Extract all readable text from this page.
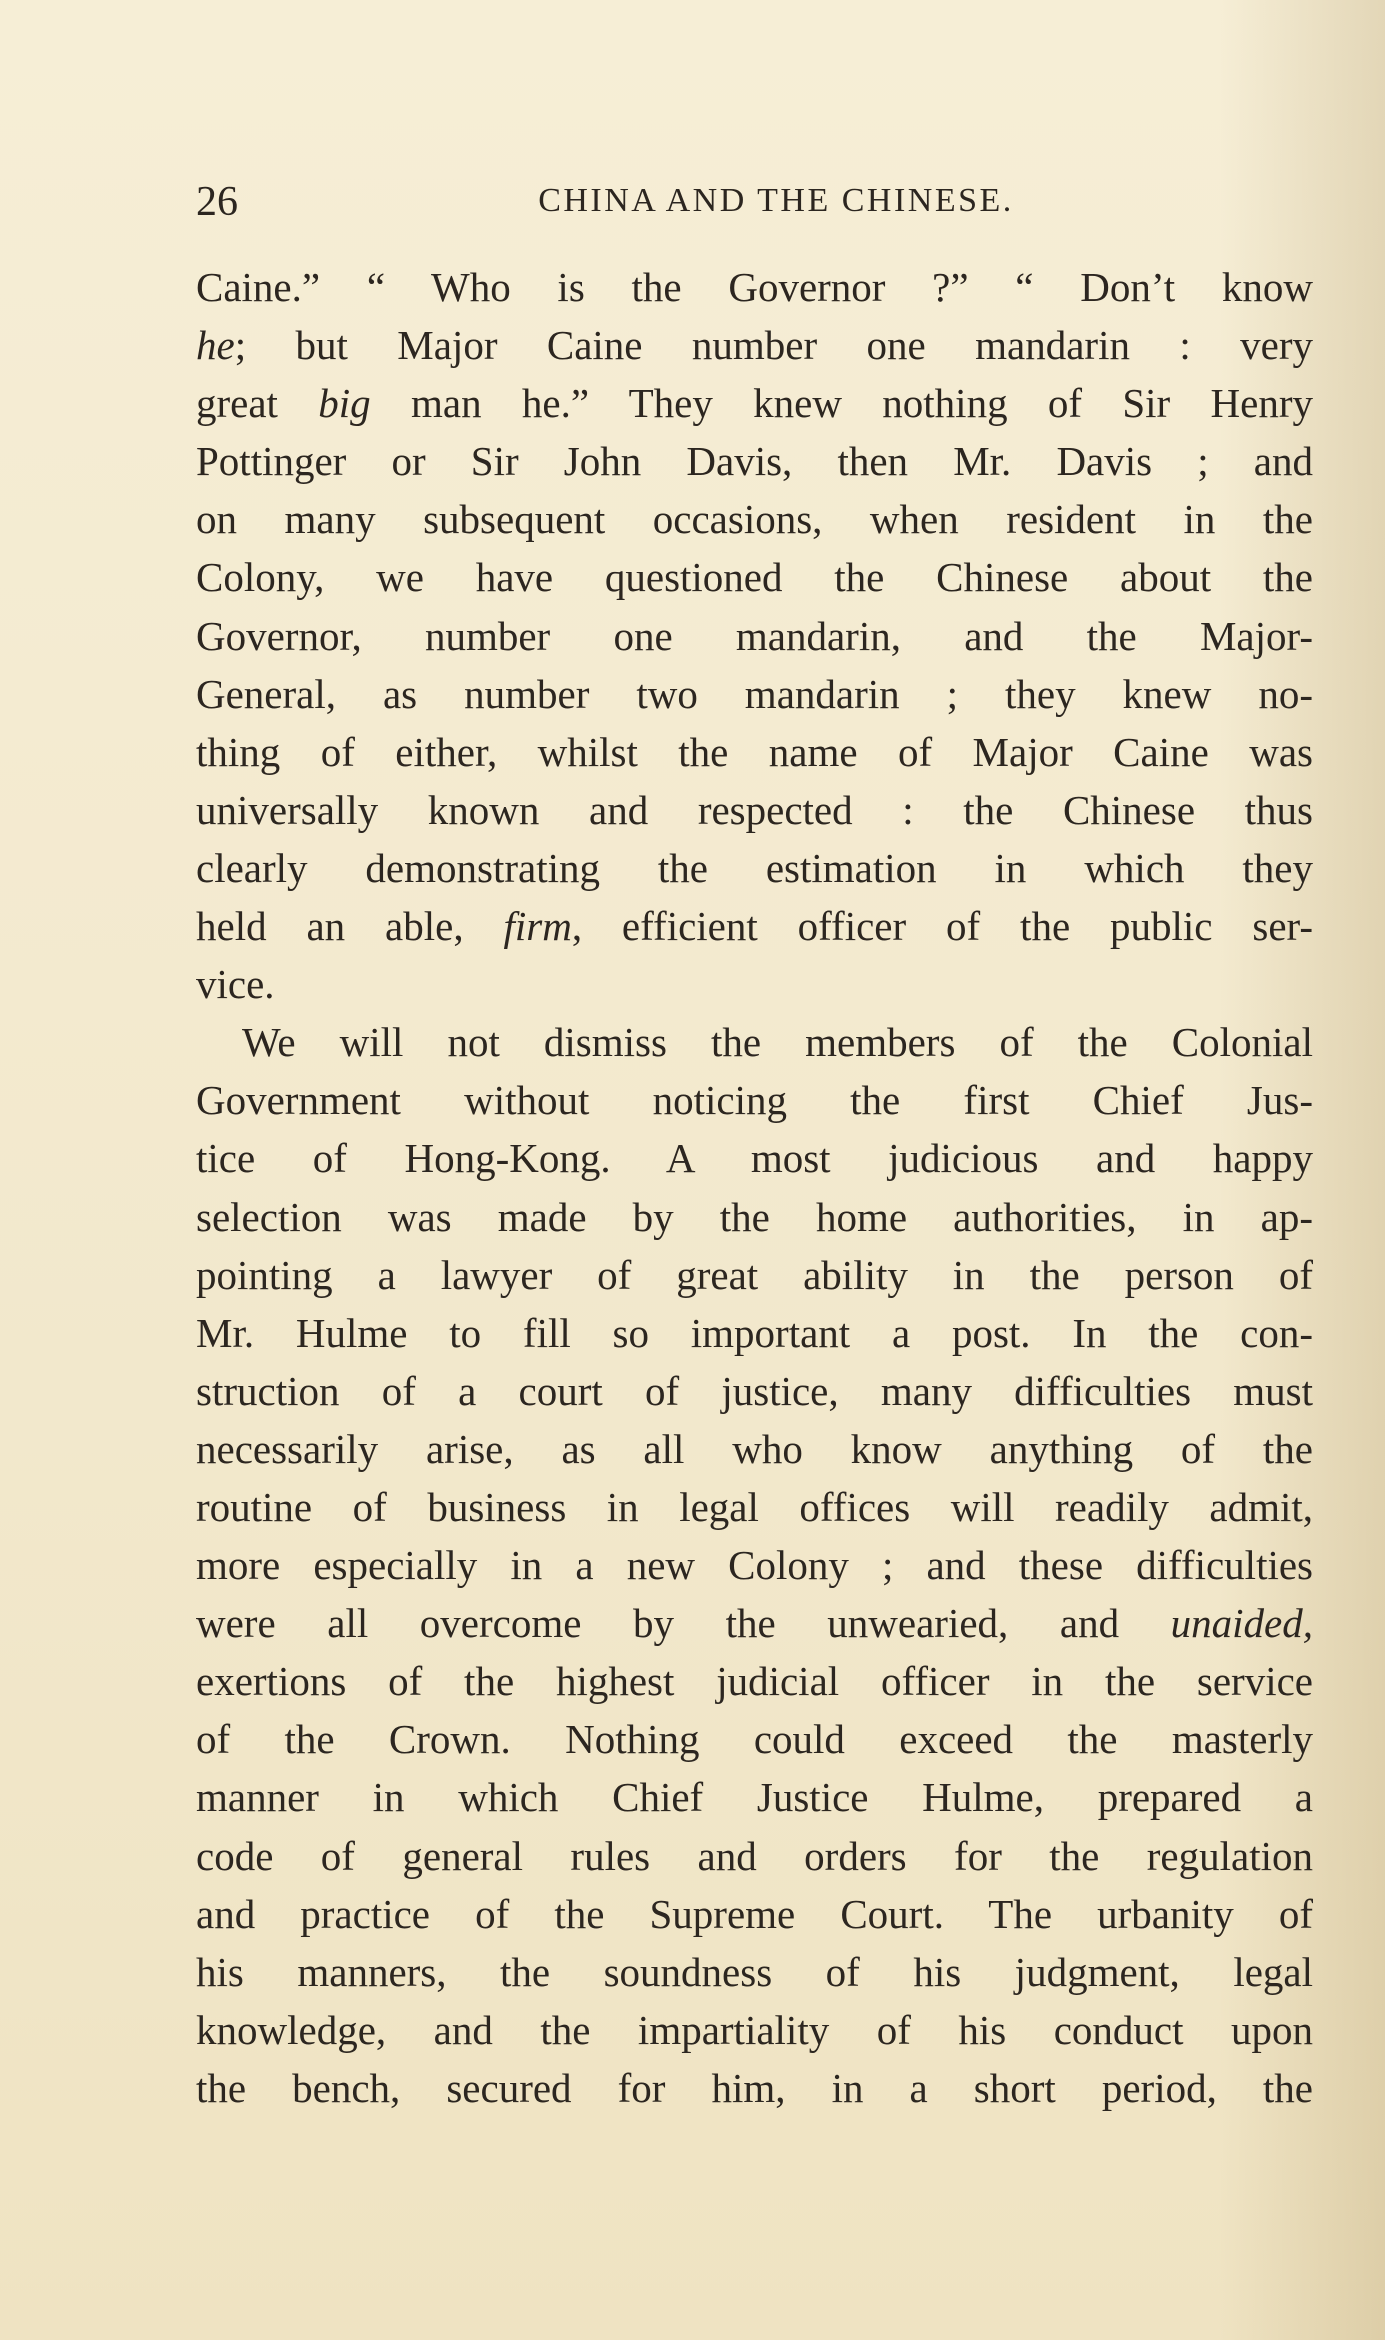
26	CHINA AND THE CHINESE.
Caine.” “ Who is the Governor ?” “ Don’t know
he; but Major Caine number one mandarin : very
great big man he.” They knew nothing of Sir Henry
Pottinger or Sir John Davis, then Mr. Davis ; and
on many subsequent occasions, when resident in the
Colony, we have questioned the Chinese about the
Governor, number one mandarin, and the Major-
General, as number two mandarin ; they knew no-
thing of either, whilst the name of Major Caine was
universally known and respected : the Chinese thus
clearly demonstrating the estimation in which they
held an able, firm, efficient officer of the public ser-
vice.
We will not dismiss the members of the Colonial
Government without noticing the first Chief Jus-
tice of Hong-Kong. A most judicious and happy
selection was made by the home authorities, in ap-
pointing a lawyer of great ability in the person of
Mr. Hulme to fill so important a post. In the con-
struction of a court of justice, many difficulties must
necessarily arise, as all who know anything of the
routine of business in legal offices will readily admit,
more especially in a new Colony ; and these difficulties
were all overcome by the unwearied, and unaided,
exertions of the highest judicial officer in the service
of the Crown. Nothing could exceed the masterly
manner in which Chief Justice Hulme, prepared a
code of general rules and orders for the regulation
and practice of the Supreme Court. The urbanity of
his manners, the soundness of his judgment, legal
knowledge, and the impartiality of his conduct upon
the bench, secured for him, in a short period, the
